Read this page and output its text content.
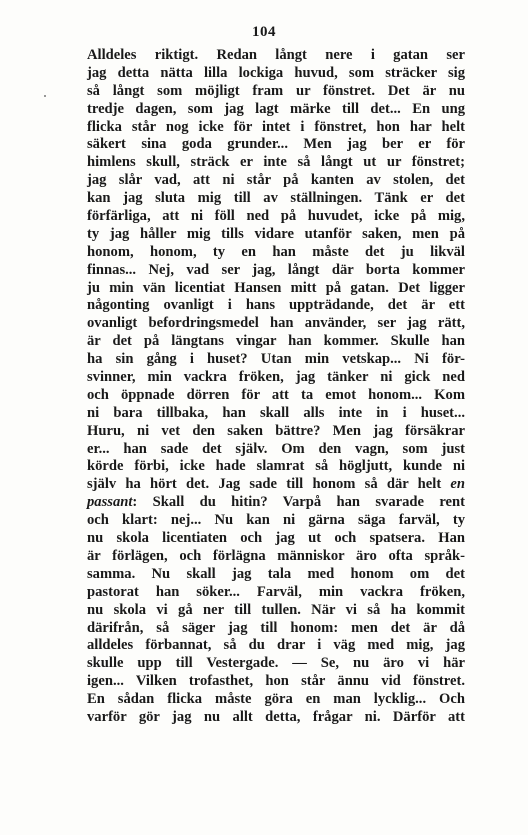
104
Alldeles riktigt. Redan långt nere i gatan ser
jag detta nätta lilla lockiga huvud, som sträcker sig
så långt som möjligt fram ur fönstret. Det är nu
tredje dagen, som jag lagt märke till det... En ung
flicka står nog icke för intet i fönstret, hon har helt
säkert sina goda grunder... Men jag ber er för
himlens skull, sträck er inte så långt ut ur fönstret;
jag slår vad, att ni står på kanten av stolen, det
kan jag sluta mig till av ställningen. Tänk er det
förfärliga, att ni föll ned på huvudet, icke på mig,
ty jag håller mig tills vidare utanför saken, men på
honom, honom, ty en han måste det ju likväl
finnas... Nej, vad ser jag, långt där borta kommer
ju min vän licentiat Hansen mitt på gatan. Det ligger
någonting ovanligt i hans uppträdande, det är ett
ovanligt befordringsmedel han använder, ser jag rätt,
är det på längtans vingar han kommer. Skulle han
ha sin gång i huset? Utan min vetskap... Ni för-
svinner, min vackra fröken, jag tänker ni gick ned
och öppnade dörren för att ta emot honom... Kom
ni bara tillbaka, han skall alls inte in i huset...
Huru, ni vet den saken bättre? Men jag försäkrar
er... han sade det själv. Om den vagn, som just
körde förbi, icke hade slamrat så högljutt, kunde ni
själv ha hört det. Jag sade till honom så där helt en
passant: Skall du hitin? Varpå han svarade rent
och klart: nej... Nu kan ni gärna säga farväl, ty
nu skola licentiaten och jag ut och spatsera. Han
är förlägen, och förlägna människor äro ofta språk-
samma. Nu skall jag tala med honom om det
pastorat han söker... Farväl, min vackra fröken,
nu skola vi gå ner till tullen. När vi så ha kommit
därifrån, så säger jag till honom: men det är då
alldeles förbannat, så du drar i väg med mig, jag
skulle upp till Vestergade. — Se, nu äro vi här
igen... Vilken trofasthet, hon står ännu vid fönstret.
En sådan flicka måste göra en man lycklig... Och
varför gör jag nu allt detta, frågar ni. Därför att
